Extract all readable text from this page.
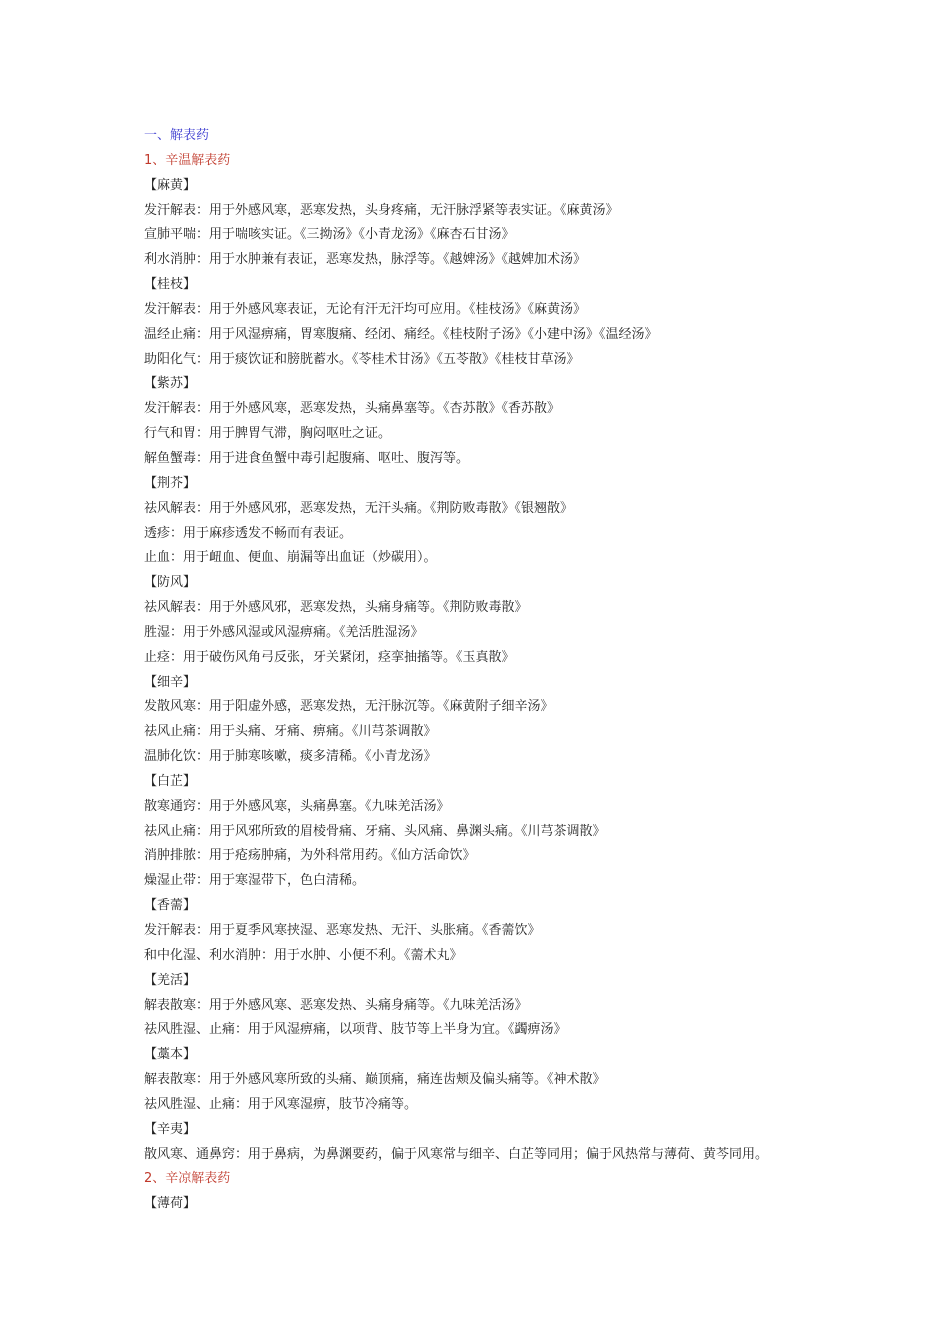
一、解表药
1、辛温解表药
【麻黄】
发汗解表：用于外感风寒，恶寒发热，头身疼痛，无汗脉浮紧等表实证。《麻黄汤》
宣肺平喘：用于喘咳实证。《三拗汤》《小青龙汤》《麻杏石甘汤》
利水消肿：用于水肿兼有表证，恶寒发热，脉浮等。《越婢汤》《越婢加术汤》
【桂枝】
发汗解表：用于外感风寒表证，无论有汗无汗均可应用。《桂枝汤》《麻黄汤》
温经止痛：用于风湿痹痛，胃寒腹痛、经闭、痛经。《桂枝附子汤》《小建中汤》《温经汤》
助阳化气：用于痰饮证和膀胱蓄水。《苓桂术甘汤》《五苓散》《桂枝甘草汤》
【紫苏】
发汗解表：用于外感风寒，恶寒发热，头痛鼻塞等。《杏苏散》《香苏散》
行气和胃：用于脾胃气滞，胸闷呕吐之证。
解鱼蟹毒：用于进食鱼蟹中毒引起腹痛、呕吐、腹泻等。
【荆芥】
祛风解表：用于外感风邪，恶寒发热，无汗头痛。《荆防败毒散》《银翘散》
透疹：用于麻疹透发不畅而有表证。
止血：用于衄血、便血、崩漏等出血证（炒碳用）。
【防风】
祛风解表：用于外感风邪，恶寒发热，头痛身痛等。《荆防败毒散》
胜湿：用于外感风湿或风湿痹痛。《羌活胜湿汤》
止痉：用于破伤风角弓反张，牙关紧闭，痉挛抽搐等。《玉真散》
【细辛】
发散风寒：用于阳虚外感，恶寒发热，无汗脉沉等。《麻黄附子细辛汤》
祛风止痛：用于头痛、牙痛、痹痛。《川芎茶调散》
温肺化饮：用于肺寒咳嗽，痰多清稀。《小青龙汤》
【白芷】
散寒通窍：用于外感风寒，头痛鼻塞。《九味羌活汤》
祛风止痛：用于风邪所致的眉棱骨痛、牙痛、头风痛、鼻渊头痛。《川芎茶调散》
消肿排脓：用于疮疡肿痛，为外科常用药。《仙方活命饮》
燥湿止带：用于寒湿带下，色白清稀。
【香薷】
发汗解表：用于夏季风寒挟湿、恶寒发热、无汗、头胀痛。《香薷饮》
和中化湿、利水消肿：用于水肿、小便不利。《薷术丸》
【羌活】
解表散寒：用于外感风寒、恶寒发热、头痛身痛等。《九味羌活汤》
祛风胜湿、止痛：用于风湿痹痛，以项背、肢节等上半身为宜。《蠲痹汤》
【藁本】
解表散寒：用于外感风寒所致的头痛、巅顶痛，痛连齿颊及偏头痛等。《神术散》
祛风胜湿、止痛：用于风寒湿痹，肢节冷痛等。
【辛夷】
散风寒、通鼻窍：用于鼻病，为鼻渊要药，偏于风寒常与细辛、白芷等同用；偏于风热常与薄荷、黄芩同用。
2、辛凉解表药
【薄荷】
